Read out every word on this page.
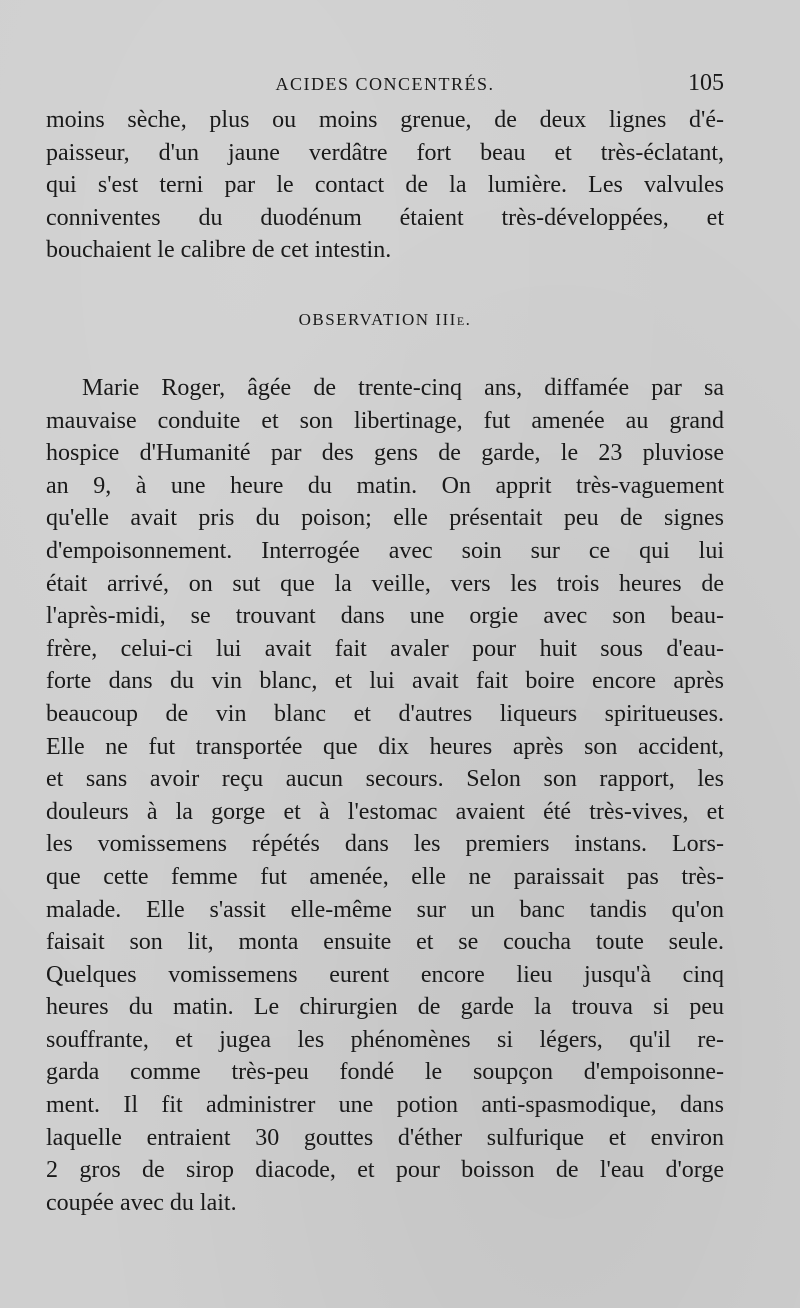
ACIDES CONCENTRÉS.	105
moins sèche, plus ou moins grenue, de deux lignes d'é-
paisseur, d'un jaune verdâtre fort beau et très-éclatant,
qui s'est terni par le contact de la lumière. Les valvules
conniventes du duodénum étaient très-développées, et
bouchaient le calibre de cet intestin.
OBSERVATION IIIe.
Marie Roger, âgée de trente-cinq ans, diffamée par sa
mauvaise conduite et son libertinage, fut amenée au grand
hospice d'Humanité par des gens de garde, le 23 pluviose
an 9, à une heure du matin. On apprit très-vaguement
qu'elle avait pris du poison; elle présentait peu de signes
d'empoisonnement. Interrogée avec soin sur ce qui lui
était arrivé, on sut que la veille, vers les trois heures de
l'après-midi, se trouvant dans une orgie avec son beau-
frère, celui-ci lui avait fait avaler pour huit sous d'eau-
forte dans du vin blanc, et lui avait fait boire encore après
beaucoup de vin blanc et d'autres liqueurs spiritueuses.
Elle ne fut transportée que dix heures après son accident,
et sans avoir reçu aucun secours. Selon son rapport, les
douleurs à la gorge et à l'estomac avaient été très-vives, et
les vomissemens répétés dans les premiers instans. Lors-
que cette femme fut amenée, elle ne paraissait pas très-
malade. Elle s'assit elle-même sur un banc tandis qu'on
faisait son lit, monta ensuite et se coucha toute seule.
Quelques vomissemens eurent encore lieu jusqu'à cinq
heures du matin. Le chirurgien de garde la trouva si peu
souffrante, et jugea les phénomènes si légers, qu'il re-
garda comme très-peu fondé le soupçon d'empoisonne-
ment. Il fit administrer une potion anti-spasmodique, dans
laquelle entraient 30 gouttes d'éther sulfurique et environ
2 gros de sirop diacode, et pour boisson de l'eau d'orge
coupée avec du lait.
